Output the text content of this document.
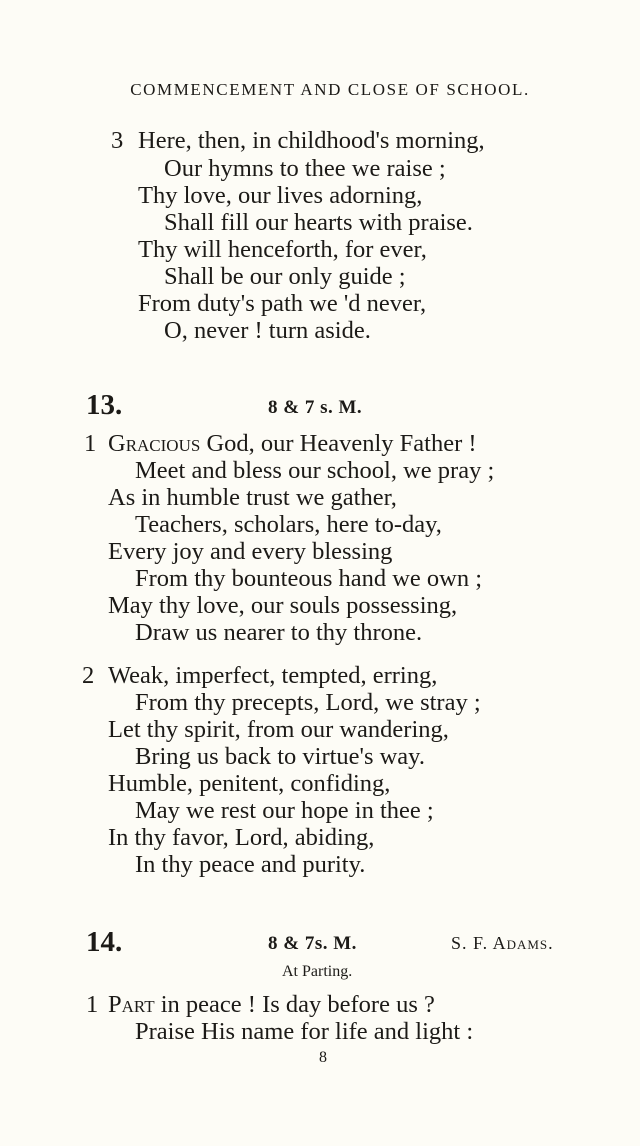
COMMENCEMENT AND CLOSE OF SCHOOL.
3 Here, then, in childhood's morning,
Our hymns to thee we raise ;
Thy love, our lives adorning,
Shall fill our hearts with praise.
Thy will henceforth, for ever,
Shall be our only guide ;
From duty's path we 'd never,
O, never ! turn aside.
13.	8 & 7 s. M.
1 Gracious God, our Heavenly Father !
Meet and bless our school, we pray ;
As in humble trust we gather,
Teachers, scholars, here to-day,
Every joy and every blessing
From thy bounteous hand we own ;
May thy love, our souls possessing,
Draw us nearer to thy throne.
2 Weak, imperfect, tempted, erring,
From thy precepts, Lord, we stray ;
Let thy spirit, from our wandering,
Bring us back to virtue's way.
Humble, penitent, confiding,
May we rest our hope in thee ;
In thy favor, Lord, abiding,
In thy peace and purity.
14.	8 & 7s. M.	S. F. Adams.
At Parting.
1 Part in peace ! Is day before us ?
Praise His name for life and light :
8
